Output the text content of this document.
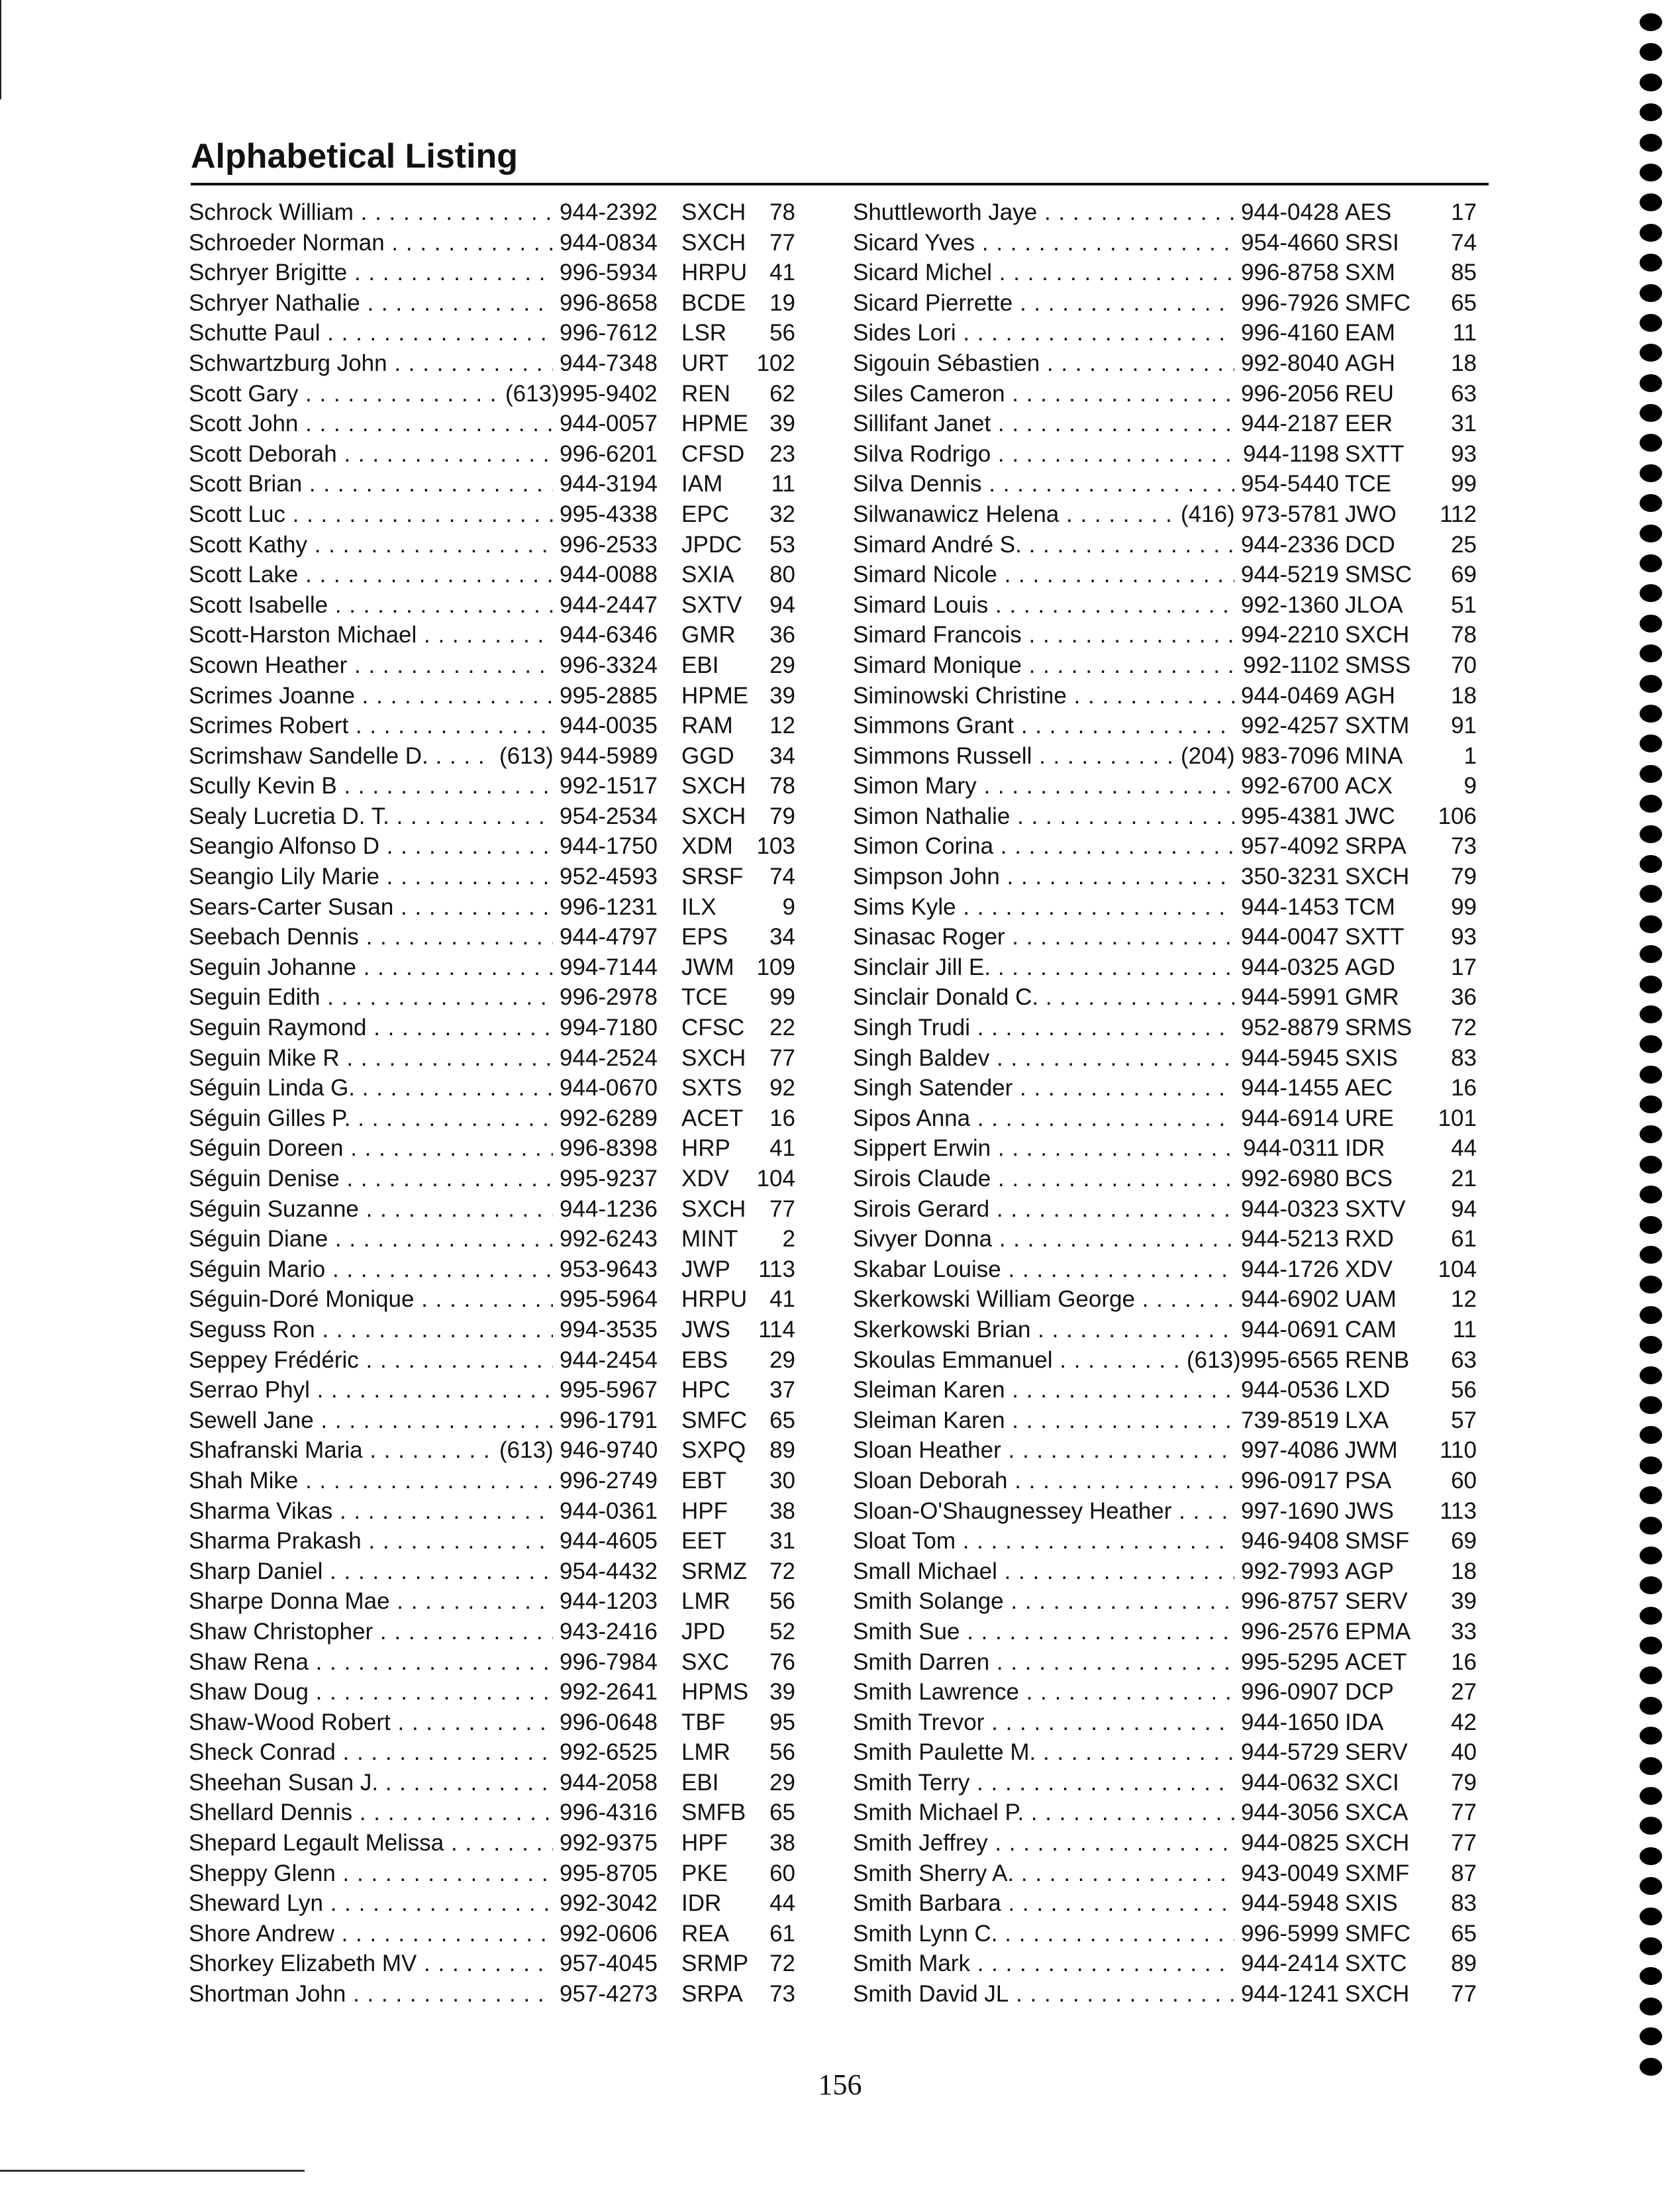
Alphabetical Listing
Schrock William . . .	944-2392 SXCH	78
Schroeder Norman . . .	944-0834 SXCH	77
Schryer Brigitte . . .	996-5934 HRPU 41
Schryer Nathalie . . .	996-8658 BCDE	19
Schutte Paul . . .	996-7612 LSR	56
Schwartzburg John . . .	944-7348 URT	102
Scott Gary . . .	(613)995-9402 REN	62
Scott John . . .	944-0057 HPME 39
Scott Deborah . . .	996-6201 CFSD	23
Scott Brian . . .	944-3194 IAM	11
Scott Luc . . .	995-4338 EPC	32
Scott Kathy . . .	996-2533 JPDC	53
Scott Lake . . .	944-0088 SXIA	80
Scott Isabelle . . .	944-2447 SXTV	94
Scott-Harston Michael . . .	944-6346 GMR	36
Scown Heather . . .	996-3324 EBI	29
Scrimes Joanne . . .	995-2885 HPME 39
Scrimes Robert . . .	944-0035 RAM	12
Scrimshaw Sandelle D. . . .	(613) 944-5989 GGD	34
Scully Kevin B . . .	992-1517 SXCH	78
Sealy Lucretia D. T. . . .	954-2534 SXCH	79
Seangio Alfonso D . . .	944-1750 XDM	103
Seangio Lily Marie . . .	952-4593 SRSF	74
Sears-Carter Susan . . .	996-1231 ILX	9
Seebach Dennis . . .	944-4797 EPS	34
Seguin Johanne . . .	994-7144 JWM 109
Seguin Edith . . .	996-2978 TCE	99
Seguin Raymond . . .	994-7180 CFSC	22
Seguin Mike R . . .	944-2524 SXCH	77
Séguin Linda G. . . .	944-0670 SXTS	92
Séguin Gilles P. . . .	992-6289 ACET	16
Séguin Doreen . . .	996-8398 HRP	41
Séguin Denise . . .	995-9237 XDV	104
Séguin Suzanne . . .	944-1236 SXCH	77
Séguin Diane . . .	992-6243 MINT	2
Séguin Mario . . .	953-9643 JWP	113
Séguin-Doré Monique . . .	995-5964 HRPU 41
Seguss Ron . . .	994-3535 JWS	114
Seppey Frédéric . . .	944-2454 EBS	29
Serrao Phyl . . .	995-5967 HPC	37
Sewell Jane . . .	996-1791 SMFC 65
Shafranski Maria . . .	(613) 946-9740 SXPQ	89
Shah Mike . . .	996-2749 EBT	30
Sharma Vikas . . .	944-0361 HPF	38
Sharma Prakash . . .	944-4605 EET	31
Sharp Daniel . . .	954-4432 SRMZ 72
Sharpe Donna Mae . . .	944-1203 LMR	56
Shaw Christopher . . .	943-2416 JPD	52
Shaw Rena . . .	996-7984 SXC	76
Shaw Doug . . .	992-2641 HPMS 39
Shaw-Wood Robert . . .	996-0648 TBF	95
Sheck Conrad . . .	992-6525 LMR	56
Sheehan Susan J. . . .	944-2058 EBI	29
Shellard Dennis . . .	996-4316 SMFB	65
Shepard Legault Melissa . . .	992-9375 HPF	38
Sheppy Glenn . . .	995-8705 PKE	60
Sheward Lyn . . .	992-3042 IDR	44
Shore Andrew . . .	992-0606 REA	61
Shorkey Elizabeth MV . . .	957-4045 SRMP 72
Shortman John . . .	957-4273 SRPA	73
Shuttleworth Jaye . . .	944-0428 AES	17
Sicard Yves . . .	954-4660 SRSI	74
Sicard Michel . . .	996-8758 SXM	85
Sicard Pierrette . . .	996-7926 SMFC	65
Sides Lori . . .	996-4160 EAM	11
Sigouin Sébastien . . .	992-8040 AGH	18
Siles Cameron . . .	996-2056 REU	63
Sillifant Janet . . .	944-2187 EER	31
Silva Rodrigo . . .	944-1198 SXTT	93
Silva Dennis . . .	954-5440 TCE	99
Silwanawicz Helena . . .	(416) 973-5781 JWO	112
Simard André S. . . .	944-2336 DCD	25
Simard Nicole . . .	944-5219 SMSC	69
Simard Louis . . .	992-1360 JLOA	51
Simard Francois . . .	994-2210 SXCH	78
Simard Monique . . .	992-1102 SMSS	70
Siminowski Christine . . .	944-0469 AGH	18
Simmons Grant . . .	992-4257 SXTM	91
Simmons Russell . . .	(204) 983-7096 MINA	1
Simon Mary . . .	992-6700 ACX	9
Simon Nathalie . . .	995-4381 JWC	106
Simon Corina . . .	957-4092 SRPA	73
Simpson John . . .	350-3231 SXCH	79
Sims Kyle . . .	944-1453 TCM	99
Sinasac Roger . . .	944-0047 SXTT	93
Sinclair Jill E. . . .	944-0325 AGD	17
Sinclair Donald C. . . .	944-5991 GMR	36
Singh Trudi . . .	952-8879 SRMS	72
Singh Baldev . . .	944-5945 SXIS	83
Singh Satender . . .	944-1455 AEC	16
Sipos Anna . . .	944-6914 URE	101
Sippert Erwin . . .	944-0311 IDR	44
Sirois Claude . . .	992-6980 BCS	21
Sirois Gerard . . .	944-0323 SXTV	94
Sivyer Donna . . .	944-5213 RXD	61
Skabar Louise . . .	944-1726 XDV	104
Skerkowski William George . . .	944-6902 UAM	12
Skerkowski Brian . . .	944-0691 CAM	11
Skoulas Emmanuel . . .	(613)995-6565 RENB	63
Sleiman Karen . . .	944-0536 LXD	56
Sleiman Karen . . .	739-8519 LXA	57
Sloan Heather . . .	997-4086 JWM	110
Sloan Deborah . . .	996-0917 PSA	60
Sloan-O'Shaugnessey Heather . . .	997-1690 JWS	113
Sloat Tom . . .	946-9408 SMSF	69
Small Michael . . .	992-7993 AGP	18
Smith Solange . . .	996-8757 SERV	39
Smith Sue . . .	996-2576 EPMA	33
Smith Darren . . .	995-5295 ACET	16
Smith Lawrence . . .	996-0907 DCP	27
Smith Trevor . . .	944-1650 IDA	42
Smith Paulette M. . . .	944-5729 SERV	40
Smith Terry . . .	944-0632 SXCI	79
Smith Michael P. . . .	944-3056 SXCA	77
Smith Jeffrey . . .	944-0825 SXCH	77
Smith Sherry A. . . .	943-0049 SXMF	87
Smith Barbara . . .	944-5948 SXIS	83
Smith Lynn C. . . .	996-5999 SMFC	65
Smith Mark . . .	944-2414 SXTC	89
Smith David JL . . .	944-1241 SXCH	77
156
